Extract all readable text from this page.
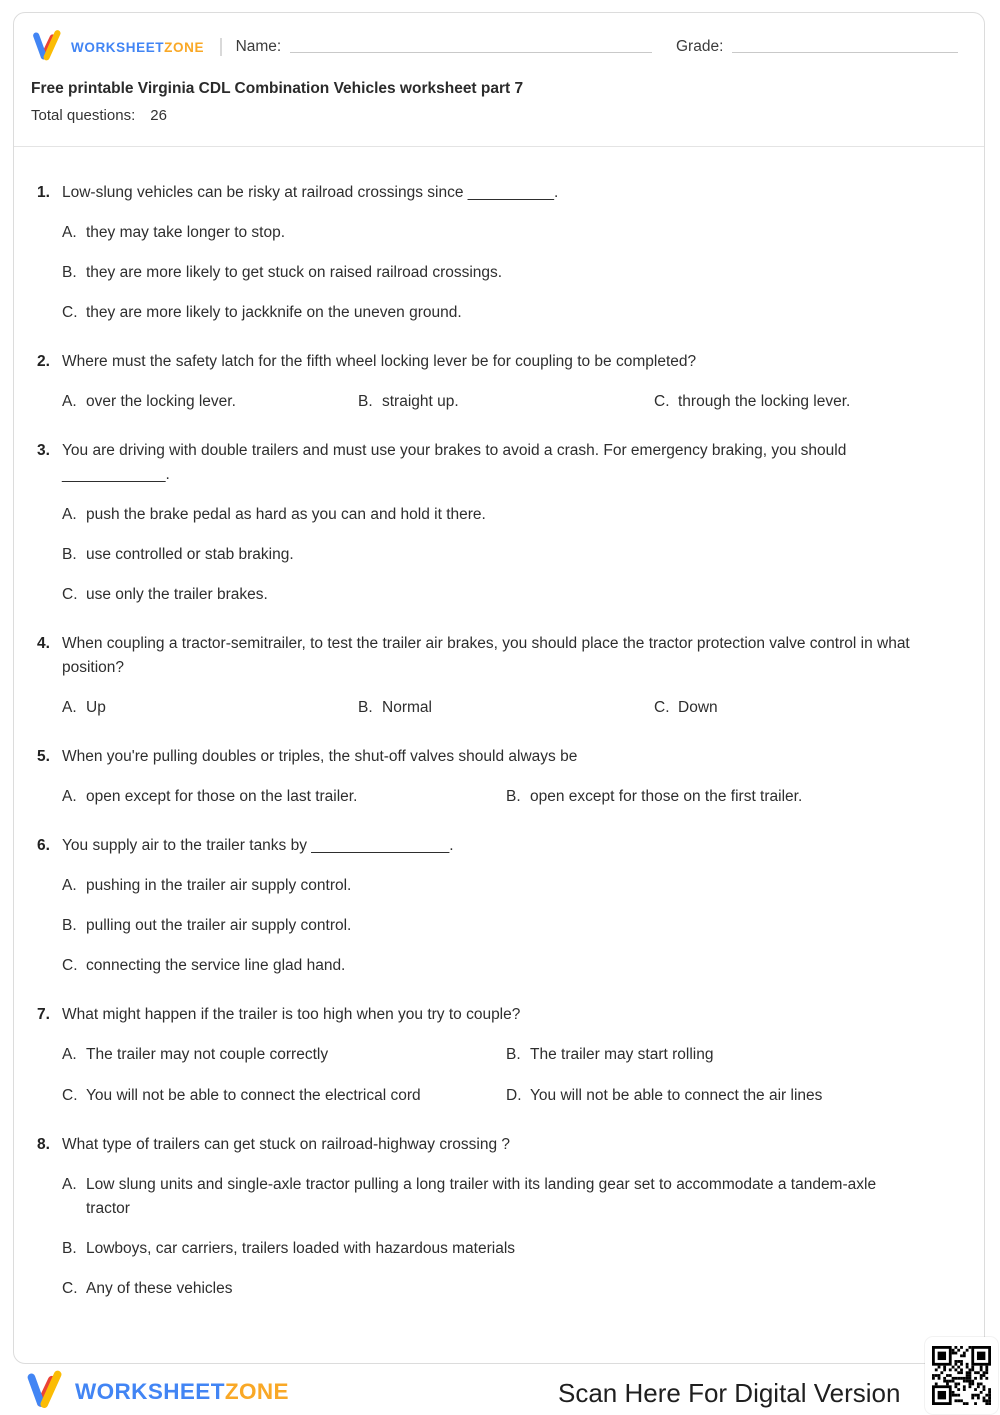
WORKSHEETZONE Name:	Grade:
Free printable Virginia CDL Combination Vehicles worksheet part 7
Total questions: 26
1. Low-slung vehicles can be risky at railroad crossings since __________.
A. they may take longer to stop.
B. they are more likely to get stuck on raised railroad crossings.
C. they are more likely to jackknife on the uneven ground.
2. Where must the safety latch for the fifth wheel locking lever be for coupling to be completed?
A. over the locking lever.	B. straight up.	C. through the locking lever.
3. You are driving with double trailers and must use your brakes to avoid a crash. For emergency braking, you should ____________.
A. push the brake pedal as hard as you can and hold it there.
B. use controlled or stab braking.
C. use only the trailer brakes.
4. When coupling a tractor-semitrailer, to test the trailer air brakes, you should place the tractor protection valve control in what position?
A. Up	B. Normal	C. Down
5. When you're pulling doubles or triples, the shut-off valves should always be
A. open except for those on the last trailer.	B. open except for those on the first trailer.
6. You supply air to the trailer tanks by ________________.
A. pushing in the trailer air supply control.
B. pulling out the trailer air supply control.
C. connecting the service line glad hand.
7. What might happen if the trailer is too high when you try to couple?
A. The trailer may not couple correctly	B. The trailer may start rolling
C. You will not be able to connect the electrical cord	D. You will not be able to connect the air lines
8. What type of trailers can get stuck on railroad-highway crossing ?
A. Low slung units and single-axle tractor pulling a long trailer with its landing gear set to accommodate a tandem-axle tractor
B. Lowboys, car carriers, trailers loaded with hazardous materials
C. Any of these vehicles
WORKSHEETZONE	Scan Here For Digital Version
